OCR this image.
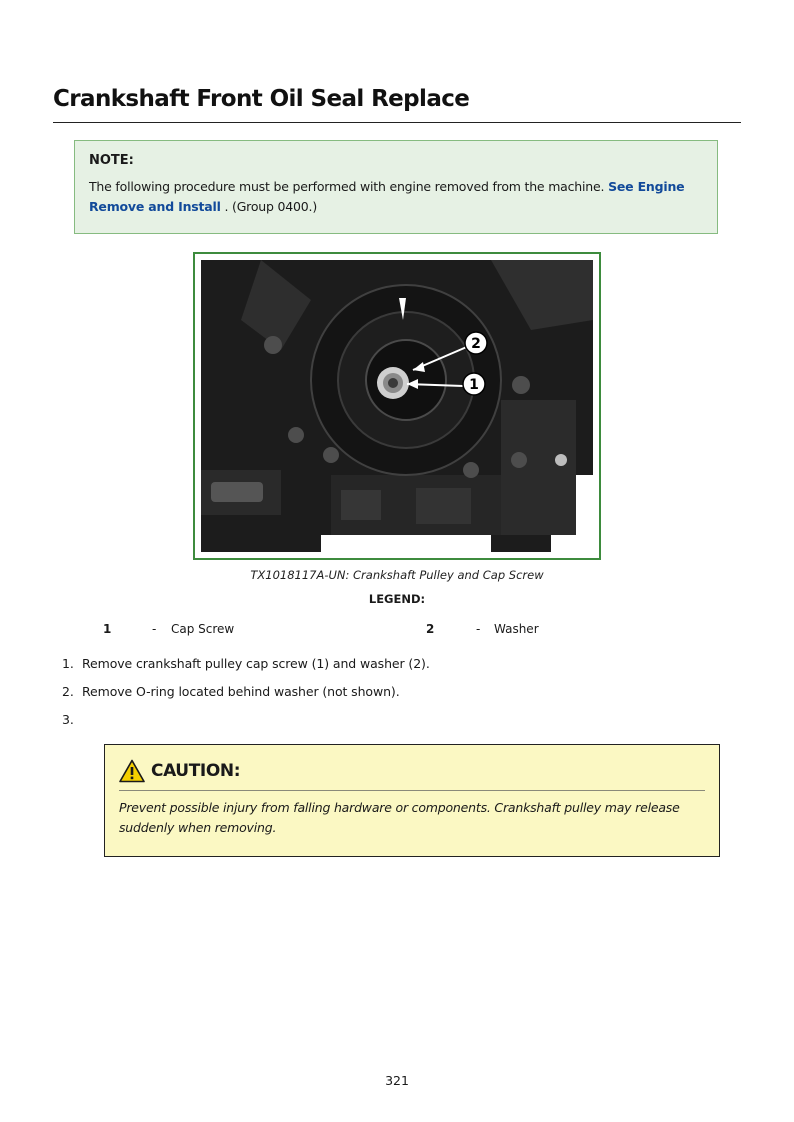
Crankshaft Front Oil Seal Replace
NOTE:
The following procedure must be performed with engine removed from the machine. See Engine Remove and Install . (Group 0400.)
2
1
TX1018117A-UN: Crankshaft Pulley and Cap Screw
LEGEND:
1	- Cap Screw	2	- Washer
1. Remove crankshaft pulley cap screw (1) and washer (2).
2. Remove O-ring located behind washer (not shown).
3.
CAUTION:
Prevent possible injury from falling hardware or components. Crankshaft pulley may release suddenly when removing.
321
